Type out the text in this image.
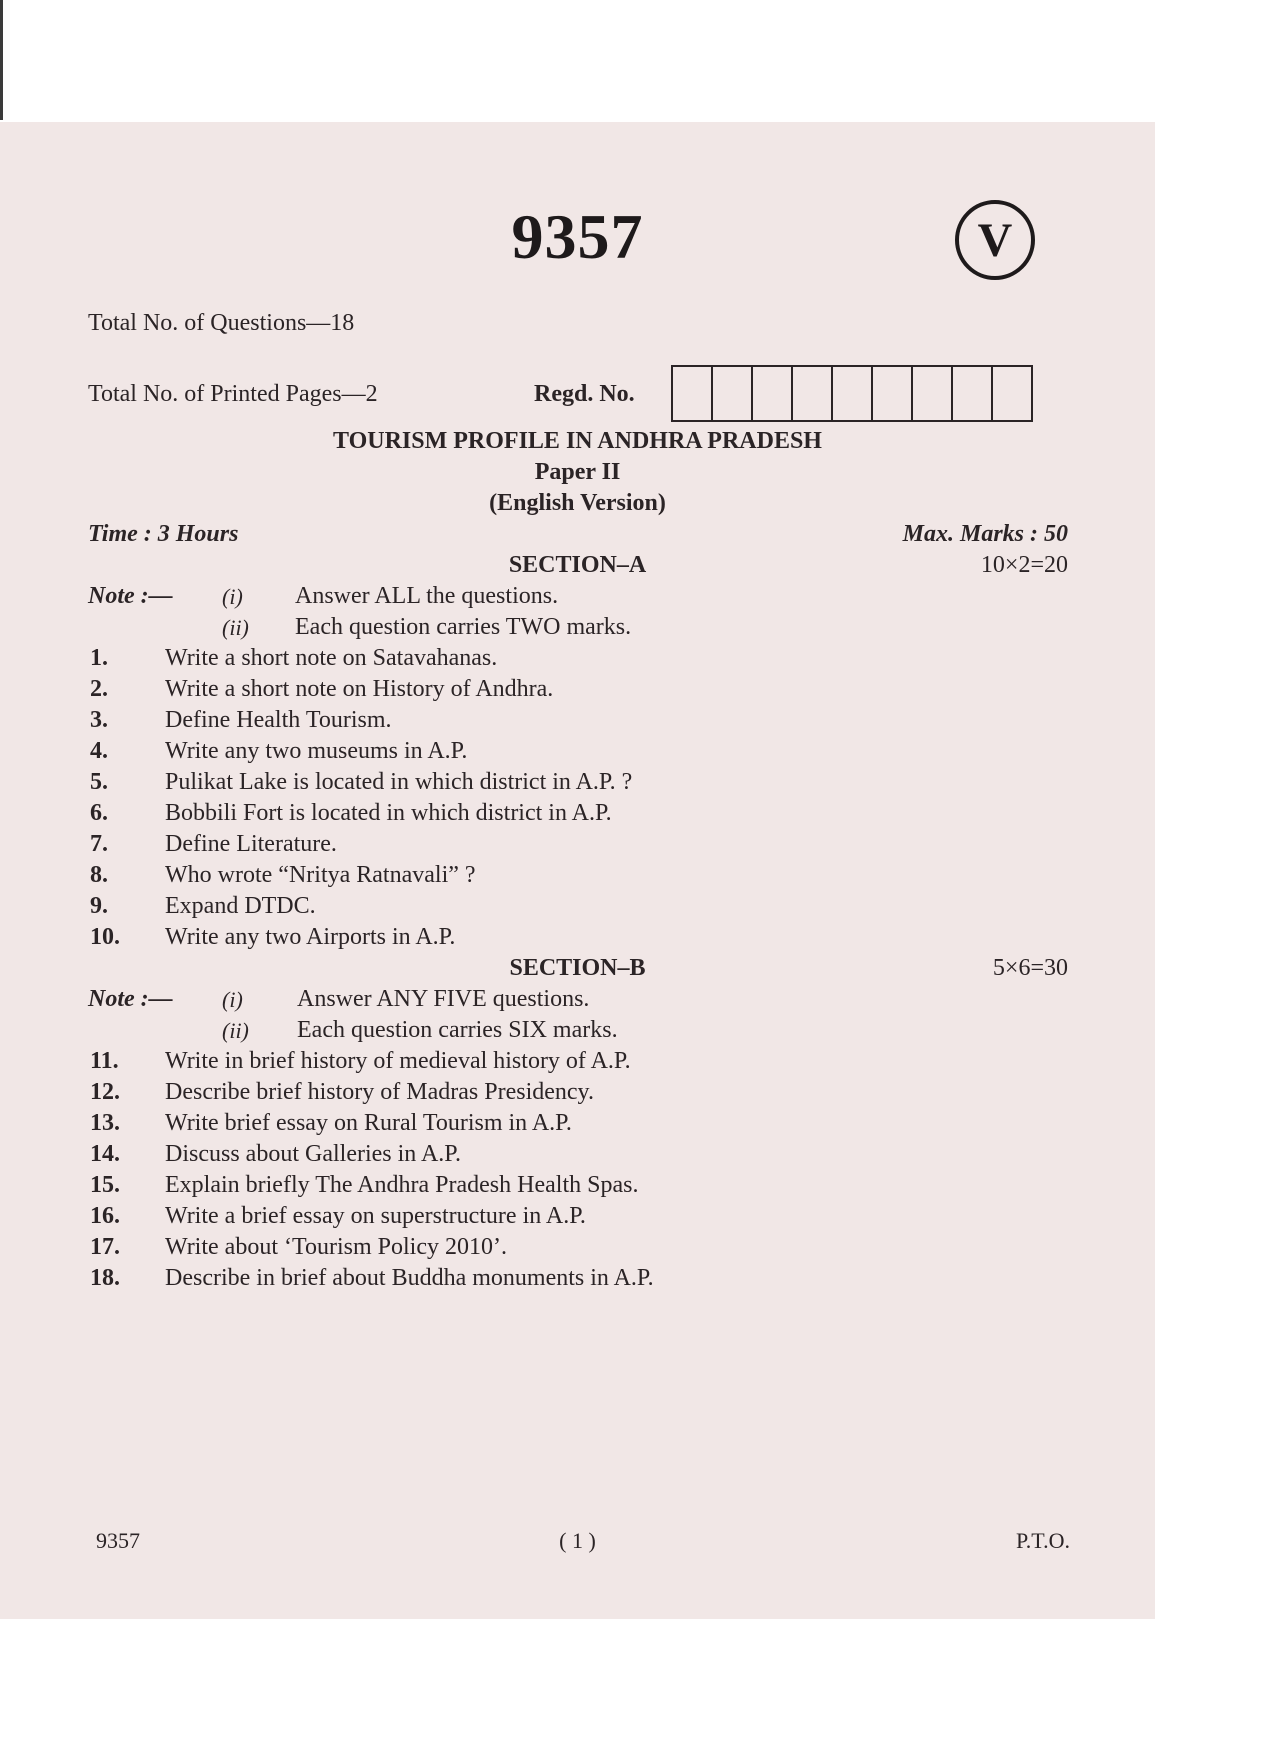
9357	V
Total No. of Questions—18
Total No. of Printed Pages—2	Regd. No.
TOURISM PROFILE IN ANDHRA PRADESH
Paper II
(English Version)
Time : 3 Hours	Max. Marks : 50
SECTION–A	10×2=20
Note :— (i) Answer ALL the questions.
(ii) Each question carries TWO marks.
1.	Write a short note on Satavahanas.
2.	Write a short note on History of Andhra.
3.	Define Health Tourism.
4.	Write any two museums in A.P.
5.	Pulikat Lake is located in which district in A.P. ?
6.	Bobbili Fort is located in which district in A.P.
7.	Define Literature.
8.	Who wrote “Nritya Ratnavali” ?
9.	Expand DTDC.
10.	Write any two Airports in A.P.
SECTION–B	5×6=30
Note :— (i) Answer ANY FIVE questions.
(ii) Each question carries SIX marks.
11.	Write in brief history of medieval history of A.P.
12.	Describe brief history of Madras Presidency.
13.	Write brief essay on Rural Tourism in A.P.
14.	Discuss about Galleries in A.P.
15.	Explain briefly The Andhra Pradesh Health Spas.
16.	Write a brief essay on superstructure in A.P.
17.	Write about ‘Tourism Policy 2010’.
18.	Describe in brief about Buddha monuments in A.P.
9357	( 1 )	P.T.O.
